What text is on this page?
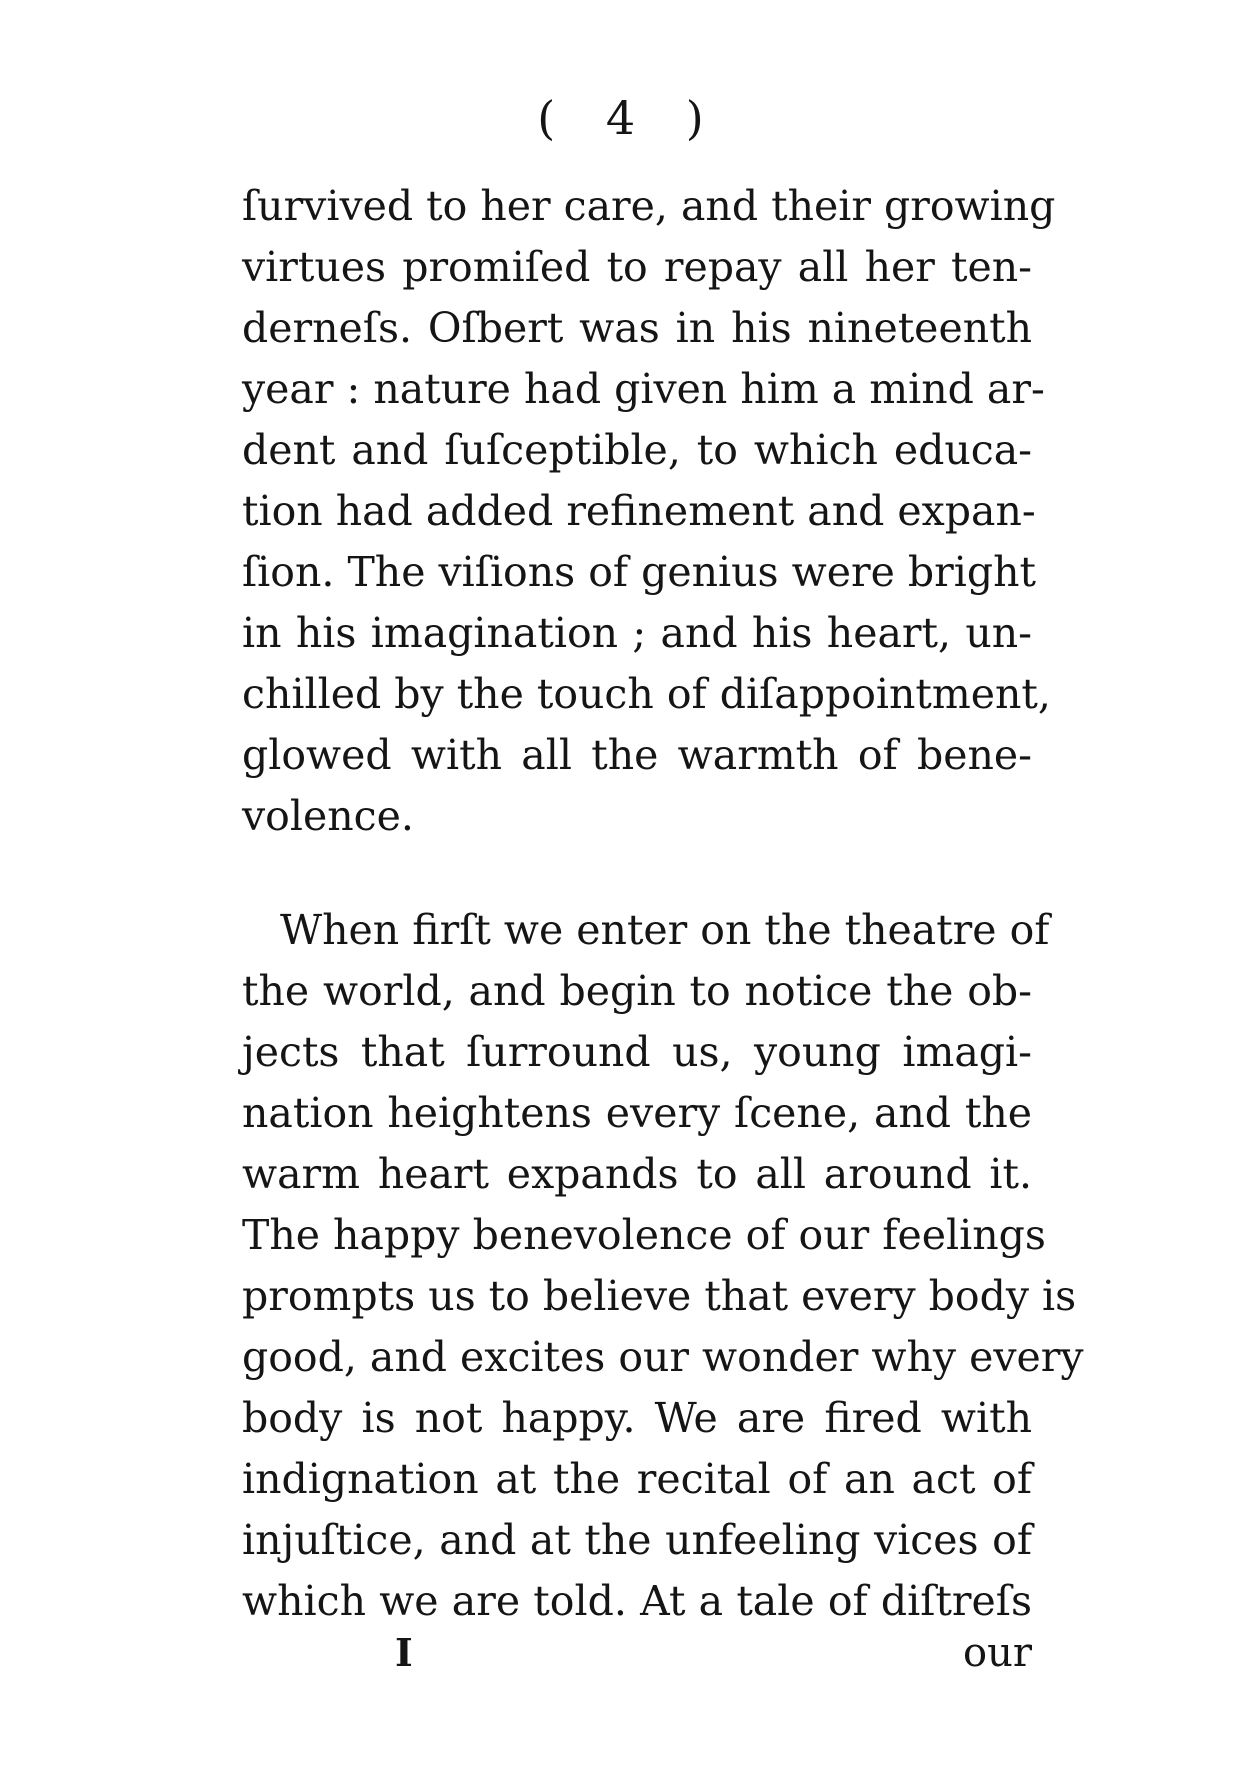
( 4 )
ſurvived to her care, and their growing
virtues promiſed to repay all her ten-
derneſs. Oſbert was in his nineteenth
year : nature had given him a mind ar-
dent and ſuſceptible, to which educa-
tion had added refinement and expan-
ſion. The viſions of genius were bright
in his imagination ; and his heart, un-
chilled by the touch of diſappointment,
glowed with all the warmth of bene-
volence.
When firſt we enter on the theatre of
the world, and begin to notice the ob-
jects that ſurround us, young imagi-
nation heightens every ſcene, and the
warm heart expands to all around it.
The happy benevolence of our feelings
prompts us to believe that every body is
good, and excites our wonder why every
body is not happy. We are fired with
indignation at the recital of an act of
injuſtice, and at the unfeeling vices of
which we are told. At a tale of diſtreſs
I	our
